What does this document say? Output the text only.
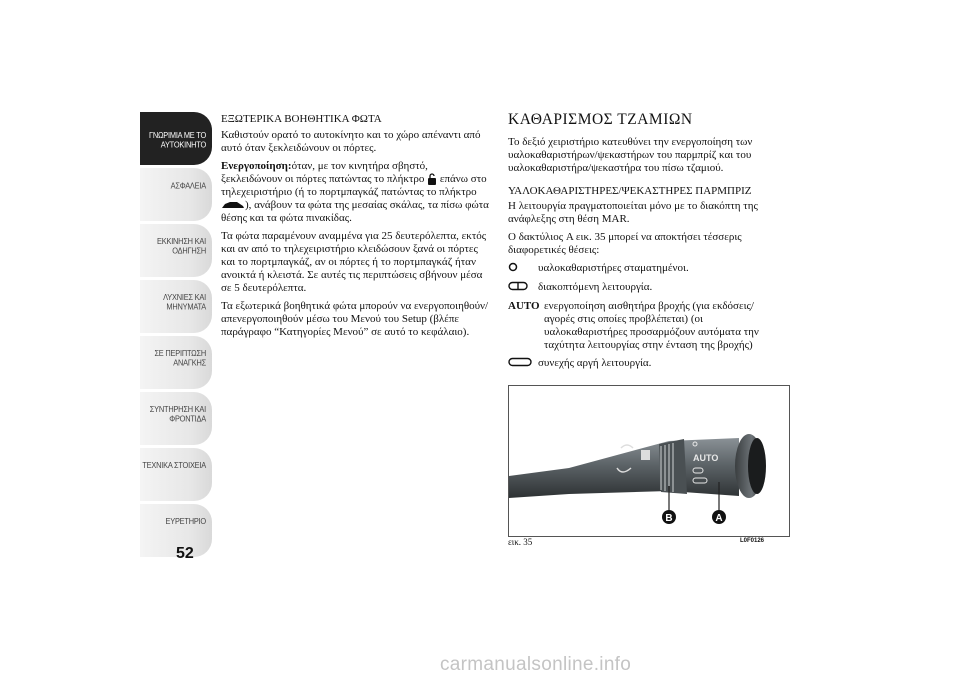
ΓΝΩΡΙΜΙΑ ΜΕ ΤΟ ΑΥΤΟΚΙΝΗΤΟ
ΑΣΦΑΛΕΙΑ
ΕΚΚΙΝΗΣΗ ΚΑΙ ΟΔΗΓΗΣΗ
ΛΥΧΝΙΕΣ ΚΑΙ ΜΗΝΥΜΑΤΑ
ΣΕ ΠΕΡΙΠΤΩΣΗ ΑΝΑΓΚΗΣ
ΣΥΝΤΗΡΗΣΗ ΚΑΙ ΦΡΟΝΤΙΔΑ
ΤΕΧΝΙΚΑ ΣΤΟΙΧΕΙΑ
ΕΥΡΕΤΗΡΙΟ
52
ΕΞΩΤΕΡΙΚΑ ΒΟΗΘΗΤΙΚΑ ΦΩΤΑ

Καθιστούν ορατό το αυτοκίνητο και το χώρο απέναντι από αυτό όταν ξεκλειδώνουν οι πόρτες.

Ενεργοποίηση:όταν, με τον κινητήρα σβηστό, ξεκλειδώνουν οι πόρτες πατώντας το πλήκτρο επάνω στο τηλεχειριστήριο (ή το πορτμπαγκάζ πατώντας το πλήκτρο ), ανάβουν τα φώτα της μεσαίας σκάλας, τα πίσω φώτα θέσης και τα φώτα πινακίδας.

Τα φώτα παραμένουν αναμμένα για 25 δευτερόλεπτα, εκτός και αν από το τηλεχειριστήριο κλειδώσουν ξανά οι πόρτες και το πορτμπαγκάζ, αν οι πόρτες ή το πορτμπαγκάζ ήταν ανοικτά ή κλειστά. Σε αυτές τις περιπτώσεις σβήνουν μέσα σε 5 δευτερόλεπτα.

Τα εξωτερικά βοηθητικά φώτα μπορούν να ενεργοποιηθούν/απενεργοποιηθούν μέσω του Μενού του Setup (βλέπε παράγραφο “Κατηγορίες Μενού” σε αυτό το κεφάλαιο).

ΚΑΘΑΡΙΣΜΟΣ ΤΖΑΜΙΩΝ

Το δεξιό χειριστήριο κατευθύνει την ενεργοποίηση των υαλοκαθαριστήρων/ψεκαστήρων του παρμπρίζ και του υαλοκαθαριστήρα/ψεκαστήρα του πίσω τζαμιού.

ΥΑΛΟΚΑΘΑΡΙΣΤΗΡΕΣ/ΨΕΚΑΣΤΗΡΕΣ ΠΑΡΜΠΡΙΖ

Η λειτουργία πραγματοποιείται μόνο με το διακόπτη της ανάφλεξης στη θέση MAR.

Ο δακτύλιος A εικ. 35 μπορεί να αποκτήσει τέσσερις διαφορετικές θέσεις:

υαλοκαθαριστήρες σταματημένοι.
διακοπτόμενη λειτουργία.
AUTO ενεργοποίηση αισθητήρα βροχής (για εκδόσεις/αγορές στις οποίες προβλέπεται) (οι υαλοκαθαριστήρες προσαρμόζουν αυτόματα την ταχύτητα λειτουργίας στην ένταση της βροχής)
συνεχής αργή λειτουργία.
AUTO
B	A
εικ. 35	L0F0126
carmanualsonline.info
